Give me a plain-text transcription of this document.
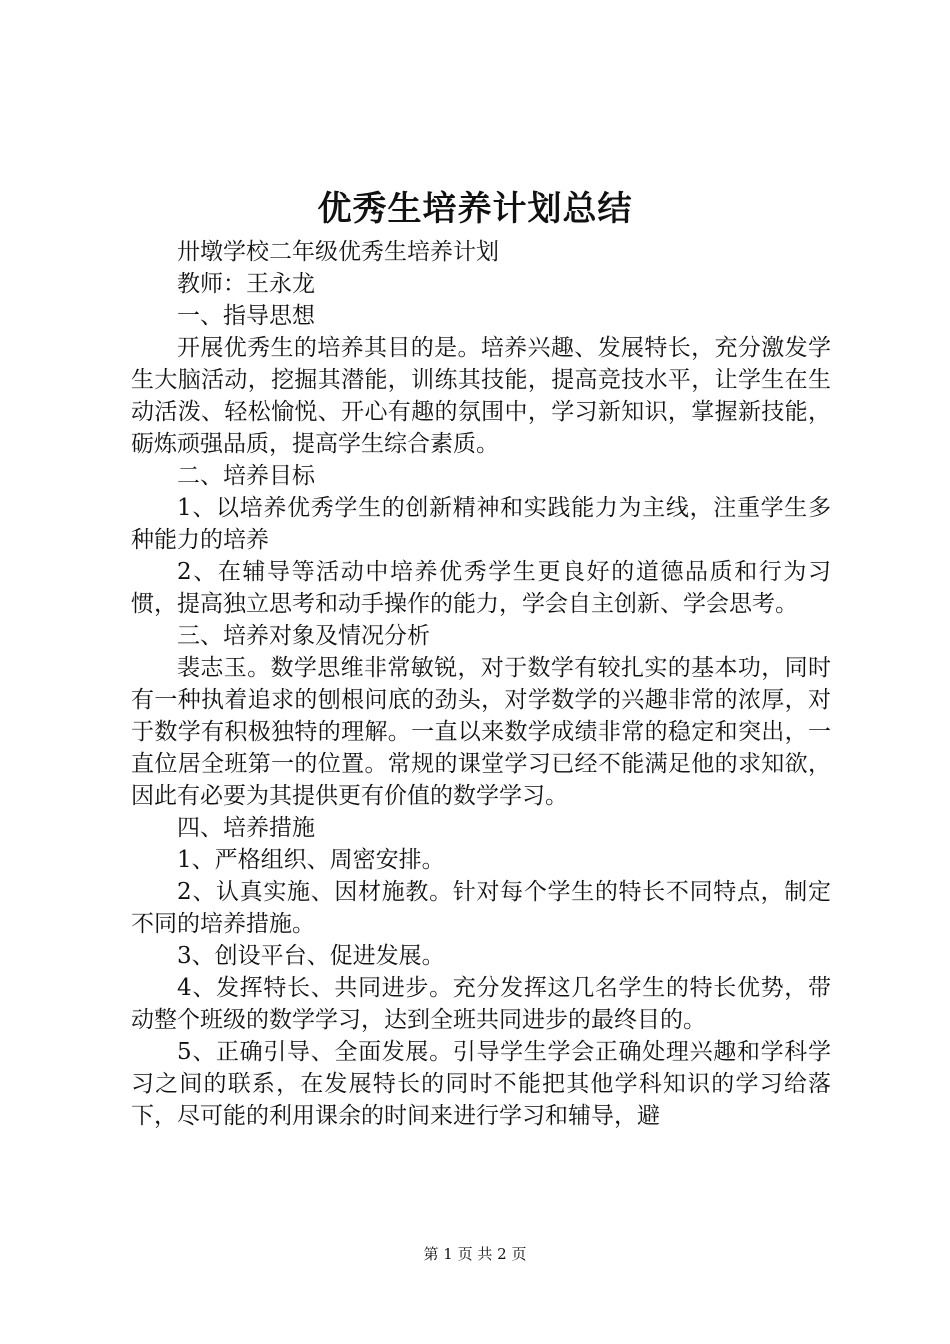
优秀生培养计划总结

卅墩学校二年级优秀生培养计划

教师：王永龙

一、指导思想

开展优秀生的培养其目的是。培养兴趣、发展特长，充分激发学生大脑活动，挖掘其潜能，训练其技能，提高竞技水平，让学生在生动活泼、轻松愉悦、开心有趣的氛围中，学习新知识，掌握新技能，砺炼顽强品质，提高学生综合素质。

二、培养目标

1、以培养优秀学生的创新精神和实践能力为主线，注重学生多种能力的培养

2、在辅导等活动中培养优秀学生更良好的道德品质和行为习惯，提高独立思考和动手操作的能力，学会自主创新、学会思考。

三、培养对象及情况分析

裴志玉。数学思维非常敏锐，对于数学有较扎实的基本功，同时有一种执着追求的刨根问底的劲头，对学数学的兴趣非常的浓厚，对于数学有积极独特的理解。一直以来数学成绩非常的稳定和突出，一直位居全班第一的位置。常规的课堂学习已经不能满足他的求知欲，因此有必要为其提供更有价值的数学学习。

四、培养措施

1、严格组织、周密安排。

2、认真实施、因材施教。针对每个学生的特长不同特点，制定不同的培养措施。

3、创设平台、促进发展。

4、发挥特长、共同进步。充分发挥这几名学生的特长优势，带动整个班级的数学学习，达到全班共同进步的最终目的。

5、正确引导、全面发展。引导学生学会正确处理兴趣和学科学习之间的联系，在发展特长的同时不能把其他学科知识的学习给落下，尽可能的利用课余的时间来进行学习和辅导，避

第 1 页 共 2 页
